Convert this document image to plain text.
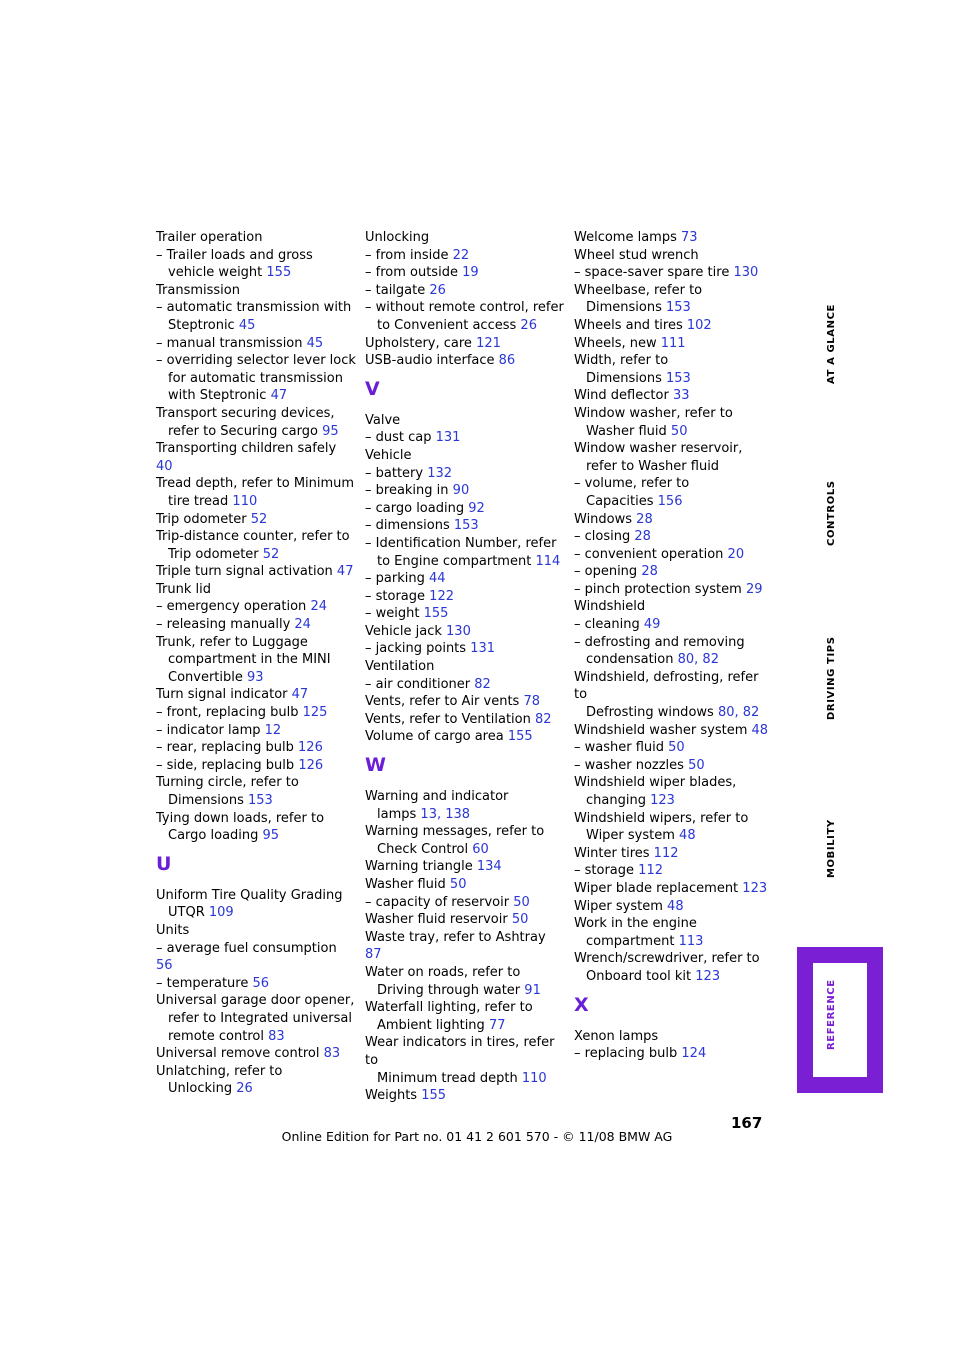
Trailer operation
– Trailer loads and gross
vehicle weight 155
Transmission
– automatic transmission with
Steptronic 45
– manual transmission 45
– overriding selector lever lock
for automatic transmission
with Steptronic 47
Transport securing devices,
refer to Securing cargo 95
Transporting children safely 40
Tread depth, refer to Minimum
tire tread 110
Trip odometer 52
Trip-distance counter, refer to
Trip odometer 52
Triple turn signal activation 47
Trunk lid
– emergency operation 24
– releasing manually 24
Trunk, refer to Luggage
compartment in the MINI
Convertible 93
Turn signal indicator 47
– front, replacing bulb 125
– indicator lamp 12
– rear, replacing bulb 126
– side, replacing bulb 126
Turning circle, refer to
Dimensions 153
Tying down loads, refer to
Cargo loading 95
U
Uniform Tire Quality Grading
UTQR 109
Units
– average fuel consumption 56
– temperature 56
Universal garage door opener,
refer to Integrated universal
remote control 83
Universal remove control 83
Unlatching, refer to
Unlocking 26
Unlocking
– from inside 22
– from outside 19
– tailgate 26
– without remote control, refer
to Convenient access 26
Upholstery, care 121
USB-audio interface 86
V
Valve
– dust cap 131
Vehicle
– battery 132
– breaking in 90
– cargo loading 92
– dimensions 153
– Identification Number, refer
to Engine compartment 114
– parking 44
– storage 122
– weight 155
Vehicle jack 130
– jacking points 131
Ventilation
– air conditioner 82
Vents, refer to Air vents 78
Vents, refer to Ventilation 82
Volume of cargo area 155
W
Warning and indicator
lamps 13, 138
Warning messages, refer to
Check Control 60
Warning triangle 134
Washer fluid 50
– capacity of reservoir 50
Washer fluid reservoir 50
Waste tray, refer to Ashtray 87
Water on roads, refer to
Driving through water 91
Waterfall lighting, refer to
Ambient lighting 77
Wear indicators in tires, refer to
Minimum tread depth 110
Weights 155
Welcome lamps 73
Wheel stud wrench
– space-saver spare tire 130
Wheelbase, refer to
Dimensions 153
Wheels and tires 102
Wheels, new 111
Width, refer to
Dimensions 153
Wind deflector 33
Window washer, refer to
Washer fluid 50
Window washer reservoir,
refer to Washer fluid
– volume, refer to
Capacities 156
Windows 28
– closing 28
– convenient operation 20
– opening 28
– pinch protection system 29
Windshield
– cleaning 49
– defrosting and removing
condensation 80, 82
Windshield, defrosting, refer to
Defrosting windows 80, 82
Windshield washer system 48
– washer fluid 50
– washer nozzles 50
Windshield wiper blades,
changing 123
Windshield wipers, refer to
Wiper system 48
Winter tires 112
– storage 112
Wiper blade replacement 123
Wiper system 48
Work in the engine
compartment 113
Wrench/screwdriver, refer to
Onboard tool kit 123
X
Xenon lamps
– replacing bulb 124
AT A GLANCE
CONTROLS
DRIVING TIPS
MOBILITY
REFERENCE
167
Online Edition for Part no. 01 41 2 601 570 - © 11/08 BMW AG
